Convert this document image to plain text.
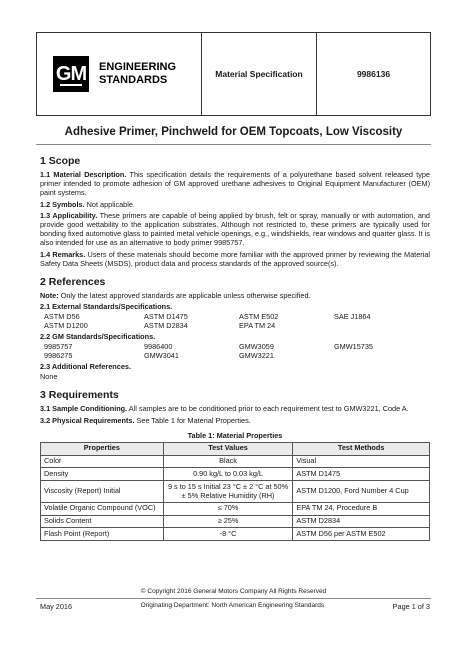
GM ENGINEERING
STANDARDS	Material Specification	9986136
Adhesive Primer, Pinchweld for OEM Topcoats, Low Viscosity
1 Scope
1.1 Material Description. This specification details the requirements of a polyurethane based solvent released type primer intended to promote adhesion of GM approved urethane adhesives to Original Equipment Manufacturer (OEM) paint systems.
1.2 Symbols. Not applicable.
1.3 Applicability. These primers are capable of being applied by brush, felt or spray, manually or with automation, and provide good wettability to the application substrates. Although not restricted to, these primers are typically used for bonding fixed automotive glass to painted metal vehicle openings, e.g., windshields, rear windows and quarter glass. It is also intended for use as an alternative to body primer 9985757.
1.4 Remarks. Users of these materials should become more familiar with the approved primer by reviewing the Material Safety Data Sheets (MSDS), product data and process standards of the approved source(s).
2 References
Note: Only the latest approved standards are applicable unless otherwise specified.
2.1 External Standards/Specifications.
ASTM D56	ASTM D1475	ASTM E502	SAE J1864
ASTM D1200	ASTM D2834	EPA TM 24
2.2 GM Standards/Specifications.
9985757	9986400	GMW3059	GMW15735
9986275	GMW3041	GMW3221
2.3 Additional References.
None
3 Requirements
3.1 Sample Conditioning. All samples are to be conditioned prior to each requirement test to GMW3221, Code A.
3.2 Physical Requirements. See Table 1 for Material Properties.
Table 1: Material Properties
Properties	Test Values	Test Methods
Color	Black	Visual
Density	0.90 kg/L to 0.03 kg/L	ASTM D1475
Viscosity (Report) Initial	9 s to 15 s Initial 23 °C ± 2 °C at 50% ± 5% Relative Humidity (RH)	ASTM D1200, Ford Number 4 Cup
Volatile Organic Compound (VOC)	≤ 70%	EPA TM 24, Procedure B
Solids Content	≥ 25%	ASTM D2834
Flash Point (Report)	-8 °C	ASTM D56 per ASTM E502
© Copyright 2016 General Motors Company All Rights Reserved
May 2016	Originating Department: North American Engineering Standards	Page 1 of 3
